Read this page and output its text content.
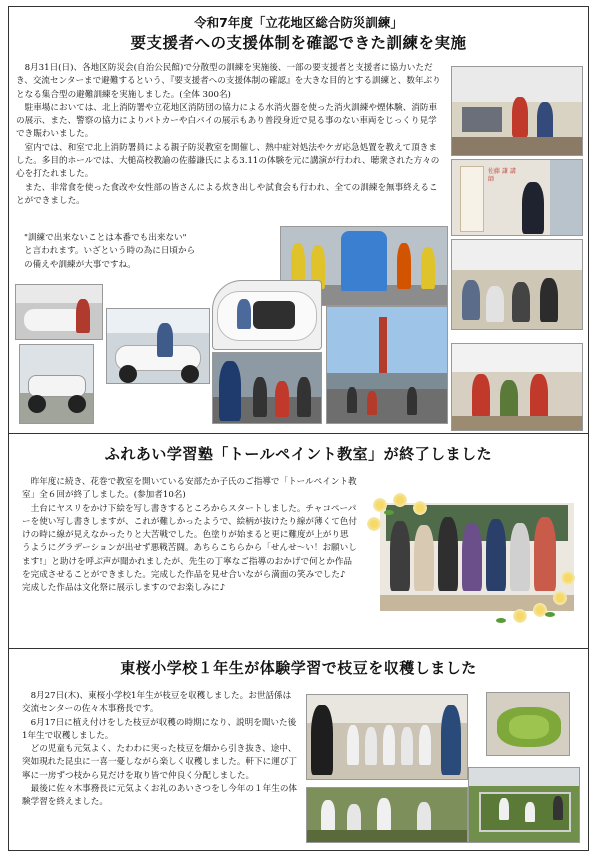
令和7年度「立花地区総合防災訓練」
要支援者への支援体制を確認できた訓練を実施

8月31日(日)、各地区防災会(自治公民館)で分散型の訓練を実施後、一部の要支援者と支援者に協力いただき、交流センターまで避難するという、『要支援者への支援体制の確認』を大きな目的とする訓練と、数年ぶりとなる集合型の避難訓練を実施しました。(全体 300名)

駐車場においては、北上消防署や立花地区消防団の協力による水消火器を使った消火訓練や煙体験、消防車の展示、また、警察の協力によりパトカーや白バイの展示もあり普段身近で見る事のない車両をじっくり見学でき賑わいました。

室内では、和室で北上消防署員による親子防災教室を開催し、熱中症対処法やケガ応急処置を教えて頂きました。多目的ホールでは、大槌高校教諭の佐藤謙氏による3.11の体験を元に講演が行われ、聴衆された方々の心を打たれました。

また、非常食を使った食改や女性部の皆さんによる炊き出しや試食会も行われ、全ての訓練を無事終えることができました。

"訓練で出来ないことは本番でも出来ない"

と言われます。いざという時の為に日頃から

の備えや訓練が大事ですね。

佐藤 謙 講師
ふれあい学習塾「トールペイント教室」が終了しました

昨年度に続き、花巻で教室を開いている安部たか子氏のご指導で「トールペイント教室」全６回が終了しました。(参加者10名)

土台にヤスリをかけ下絵を写し書きするところからスタートしました。チャコペーパーを使い写し書きしますが、これが難しかったようで、絵柄が抜けたり線が薄くて色付けの時に線が見えなかったりと大苦戦でした。色塗りが始まると更に難度が上がり思うようにグラデーションが出せず悪戦苦闘。あちらこちらから「せんせ～い！お願いします!」と助けを呼ぶ声が聞かれましたが、先生の丁寧なご指導のおかげで何とか作品を完成させることができました。完成した作品を見せ合いながら満面の笑みでした♪

完成した作品は文化祭に展示しますのでお楽しみに♪

東桜小学校１年生が体験学習で枝豆を収穫しました

8月27日(木)、東桜小学校1年生が枝豆を収穫しました。お世話係は交流センターの佐々木事務長です。

6月17日に植え付けをした枝豆が収穫の時期になり、説明を聞いた後1年生で収穫しました。

どの児童も元気よく、たわわに実った枝豆を畑から引き抜き、途中、突如現れた昆虫に一喜一憂しながら楽しく収穫しました。軒下に運び丁寧に一房ずつ枝から見だけを取り皆で仲良く分配しました。

最後に佐々木事務長に元気よくお礼のあいさつをし今年の１年生の体験学習を終えました。
